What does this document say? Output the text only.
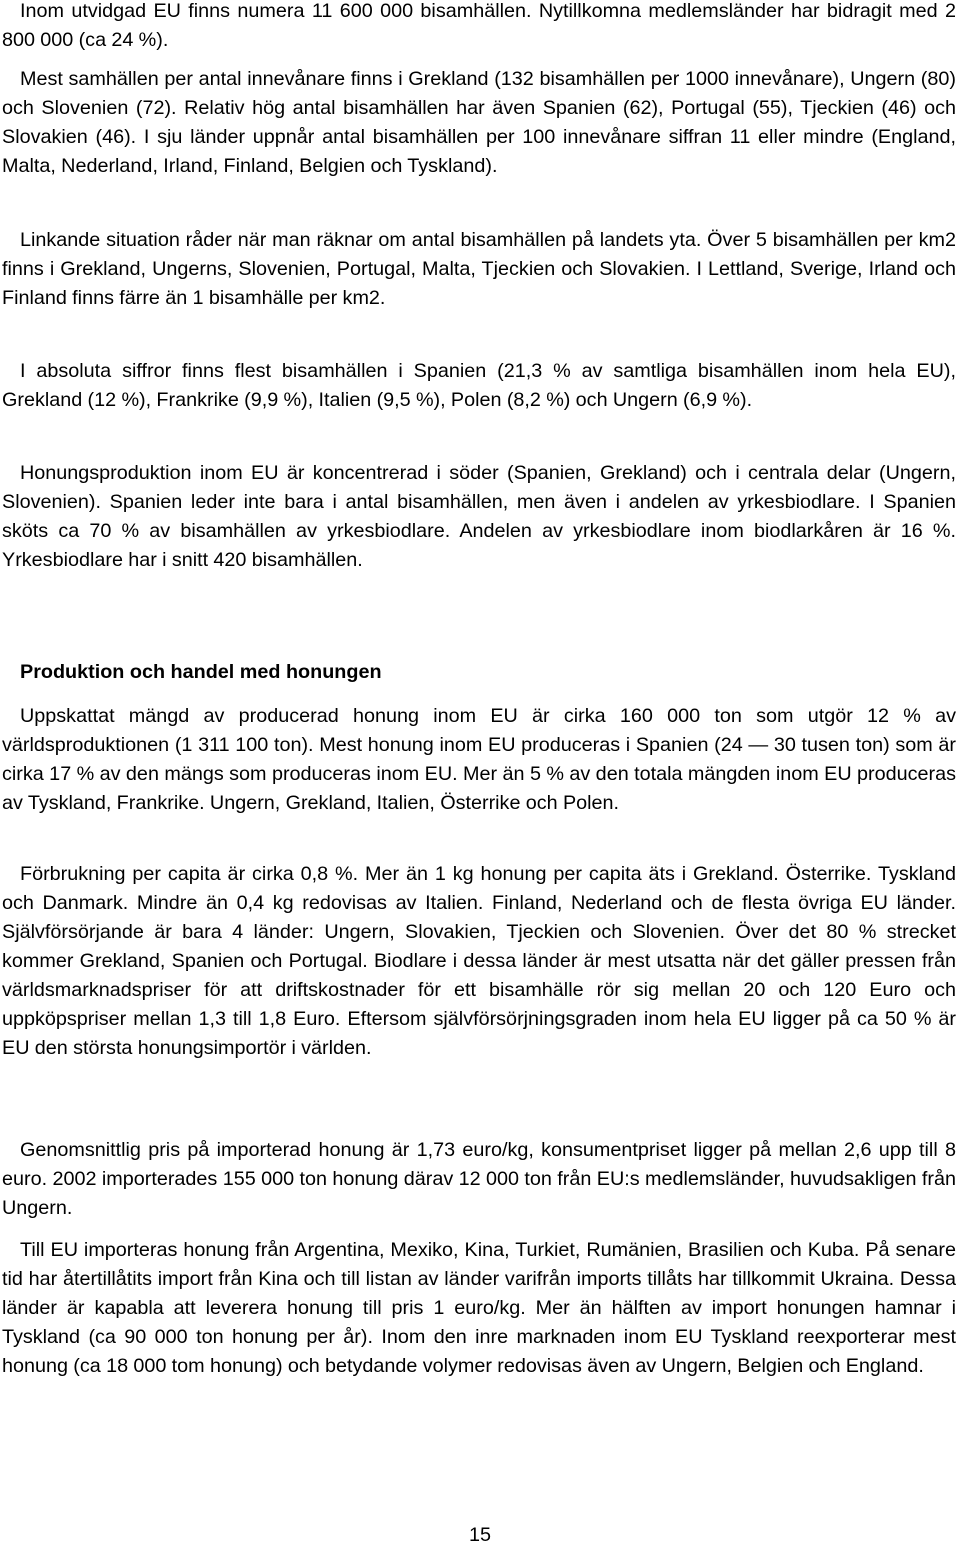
Inom utvidgad EU finns numera 11 600 000 bisamhällen. Nytillkomna medlemsländer har bidragit med 2 800 000 (ca 24 %).

Mest samhällen per antal innevånare finns i Grekland (132 bisamhällen per 1000 innevånare), Ungern (80) och Slovenien (72). Relativ hög antal bisamhällen har även Spanien (62), Portugal (55), Tjeckien (46) och Slovakien (46). I sju länder uppnår antal bisamhällen per 100 innevånare siffran 11 eller mindre (England, Malta, Nederland, Irland, Finland, Belgien och Tyskland).

Linkande situation råder när man räknar om antal bisamhällen på landets yta. Över 5 bisamhällen per km2 finns i Grekland, Ungerns, Slovenien, Portugal, Malta, Tjeckien och Slovakien. I Lettland, Sverige, Irland och Finland finns färre än 1 bisamhälle per km2.

I absoluta siffror finns flest bisamhällen i Spanien (21,3 % av samtliga bisamhällen inom hela EU), Grekland (12 %), Frankrike (9,9 %), Italien (9,5 %), Polen (8,2 %) och Ungern (6,9 %).

Honungsproduktion inom EU är koncentrerad i söder (Spanien, Grekland) och i centrala delar (Ungern, Slovenien). Spanien leder inte bara i antal bisamhällen, men även i andelen av yrkesbiodlare. I Spanien sköts ca 70 % av bisamhällen av yrkesbiodlare. Andelen av yrkesbiodlare inom biodlarkåren är 16 %. Yrkesbiodlare har i snitt 420 bisamhällen.

Produktion och handel med honungen

Uppskattat mängd av producerad honung inom EU är cirka 160 000 ton som utgör 12 % av världsproduktionen (1 311 100 ton). Mest honung inom EU produceras i Spanien (24 — 30 tusen ton) som är cirka 17 % av den mängs som produceras inom EU. Mer än 5 % av den totala mängden inom EU produceras av Tyskland, Frankrike. Ungern, Grekland, Italien, Österrike och Polen.

Förbrukning per capita är cirka 0,8 %. Mer än 1 kg honung per capita äts i Grekland. Österrike. Tyskland och Danmark. Mindre än 0,4 kg redovisas av Italien. Finland, Nederland och de flesta övriga EU länder. Självförsörjande är bara 4 länder: Ungern, Slovakien, Tjeckien och Slovenien. Över det 80 % strecket kommer Grekland, Spanien och Portugal. Biodlare i dessa länder är mest utsatta när det gäller pressen från världsmarknadspriser för att driftskostnader för ett bisamhälle rör sig mellan 20 och 120 Euro och uppköpspriser mellan 1,3 till 1,8 Euro. Eftersom självförsörjningsgraden inom hela EU ligger på ca 50 % är EU den största honungsimportör i världen.

Genomsnittlig pris på importerad honung är 1,73 euro/kg, konsumentpriset ligger på mellan 2,6 upp till 8 euro. 2002 importerades 155 000 ton honung därav 12 000 ton från EU:s medlemsländer, huvudsakligen från Ungern.

Till EU importeras honung från Argentina, Mexiko, Kina, Turkiet, Rumänien, Brasilien och Kuba. På senare tid har återtillåtits import från Kina och till listan av länder varifrån imports tillåts har tillkommit Ukraina. Dessa länder är kapabla att leverera honung till pris 1 euro/kg. Mer än hälften av import honungen hamnar i Tyskland (ca 90 000 ton honung per år). Inom den inre marknaden inom EU Tyskland reexporterar mest honung (ca 18 000 tom honung) och betydande volymer redovisas även av Ungern, Belgien och England.

15
